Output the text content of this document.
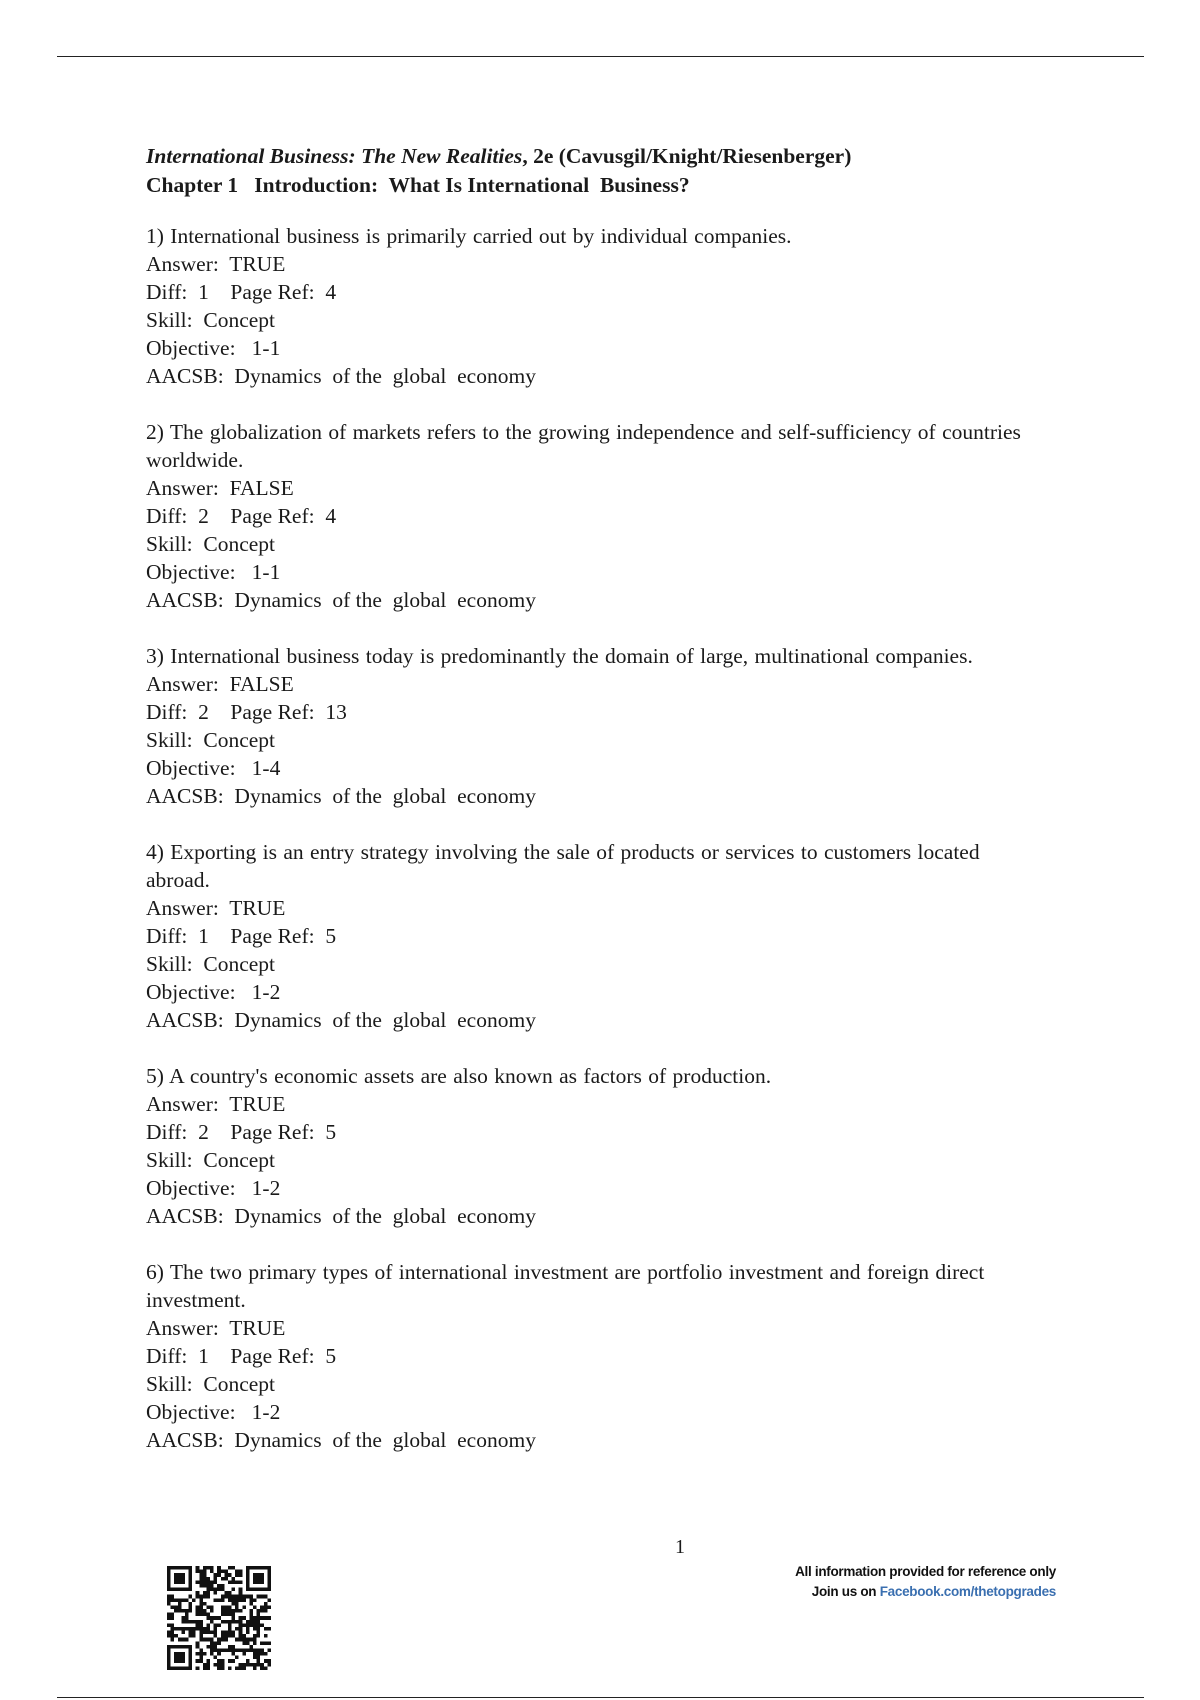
International Business: The New Realities, 2e (Cavusgil/Knight/Riesenberger)

Chapter 1   Introduction:  What Is International  Business?

1) International business is primarily carried out by individual companies.

Answer:  TRUE

Diff:  1    Page Ref:  4

Skill:  Concept

Objective:   1-1

AACSB:  Dynamics  of the  global  economy

2) The globalization of markets refers to the growing independence and self-sufficiency of countries worldwide.

Answer:  FALSE

Diff:  2    Page Ref:  4

Skill:  Concept

Objective:   1-1

AACSB:  Dynamics  of the  global  economy

3) International business today is predominantly the domain of large, multinational companies.

Answer:  FALSE

Diff:  2    Page Ref:  13

Skill:  Concept

Objective:   1-4

AACSB:  Dynamics  of the  global  economy

4) Exporting is an entry strategy involving the sale of products or services to customers located abroad.

Answer:  TRUE

Diff:  1    Page Ref:  5

Skill:  Concept

Objective:   1-2

AACSB:  Dynamics  of the  global  economy

5) A country's economic assets are also known as factors of production.

Answer:  TRUE

Diff:  2    Page Ref:  5

Skill:  Concept

Objective:   1-2

AACSB:  Dynamics  of the  global  economy

6) The two primary types of international investment are portfolio investment and foreign direct investment.

Answer:  TRUE

Diff:  1    Page Ref:  5

Skill:  Concept

Objective:   1-2

AACSB:  Dynamics  of the  global  economy

1
All information provided for reference only
Join us on Facebook.com/thetopgrades
